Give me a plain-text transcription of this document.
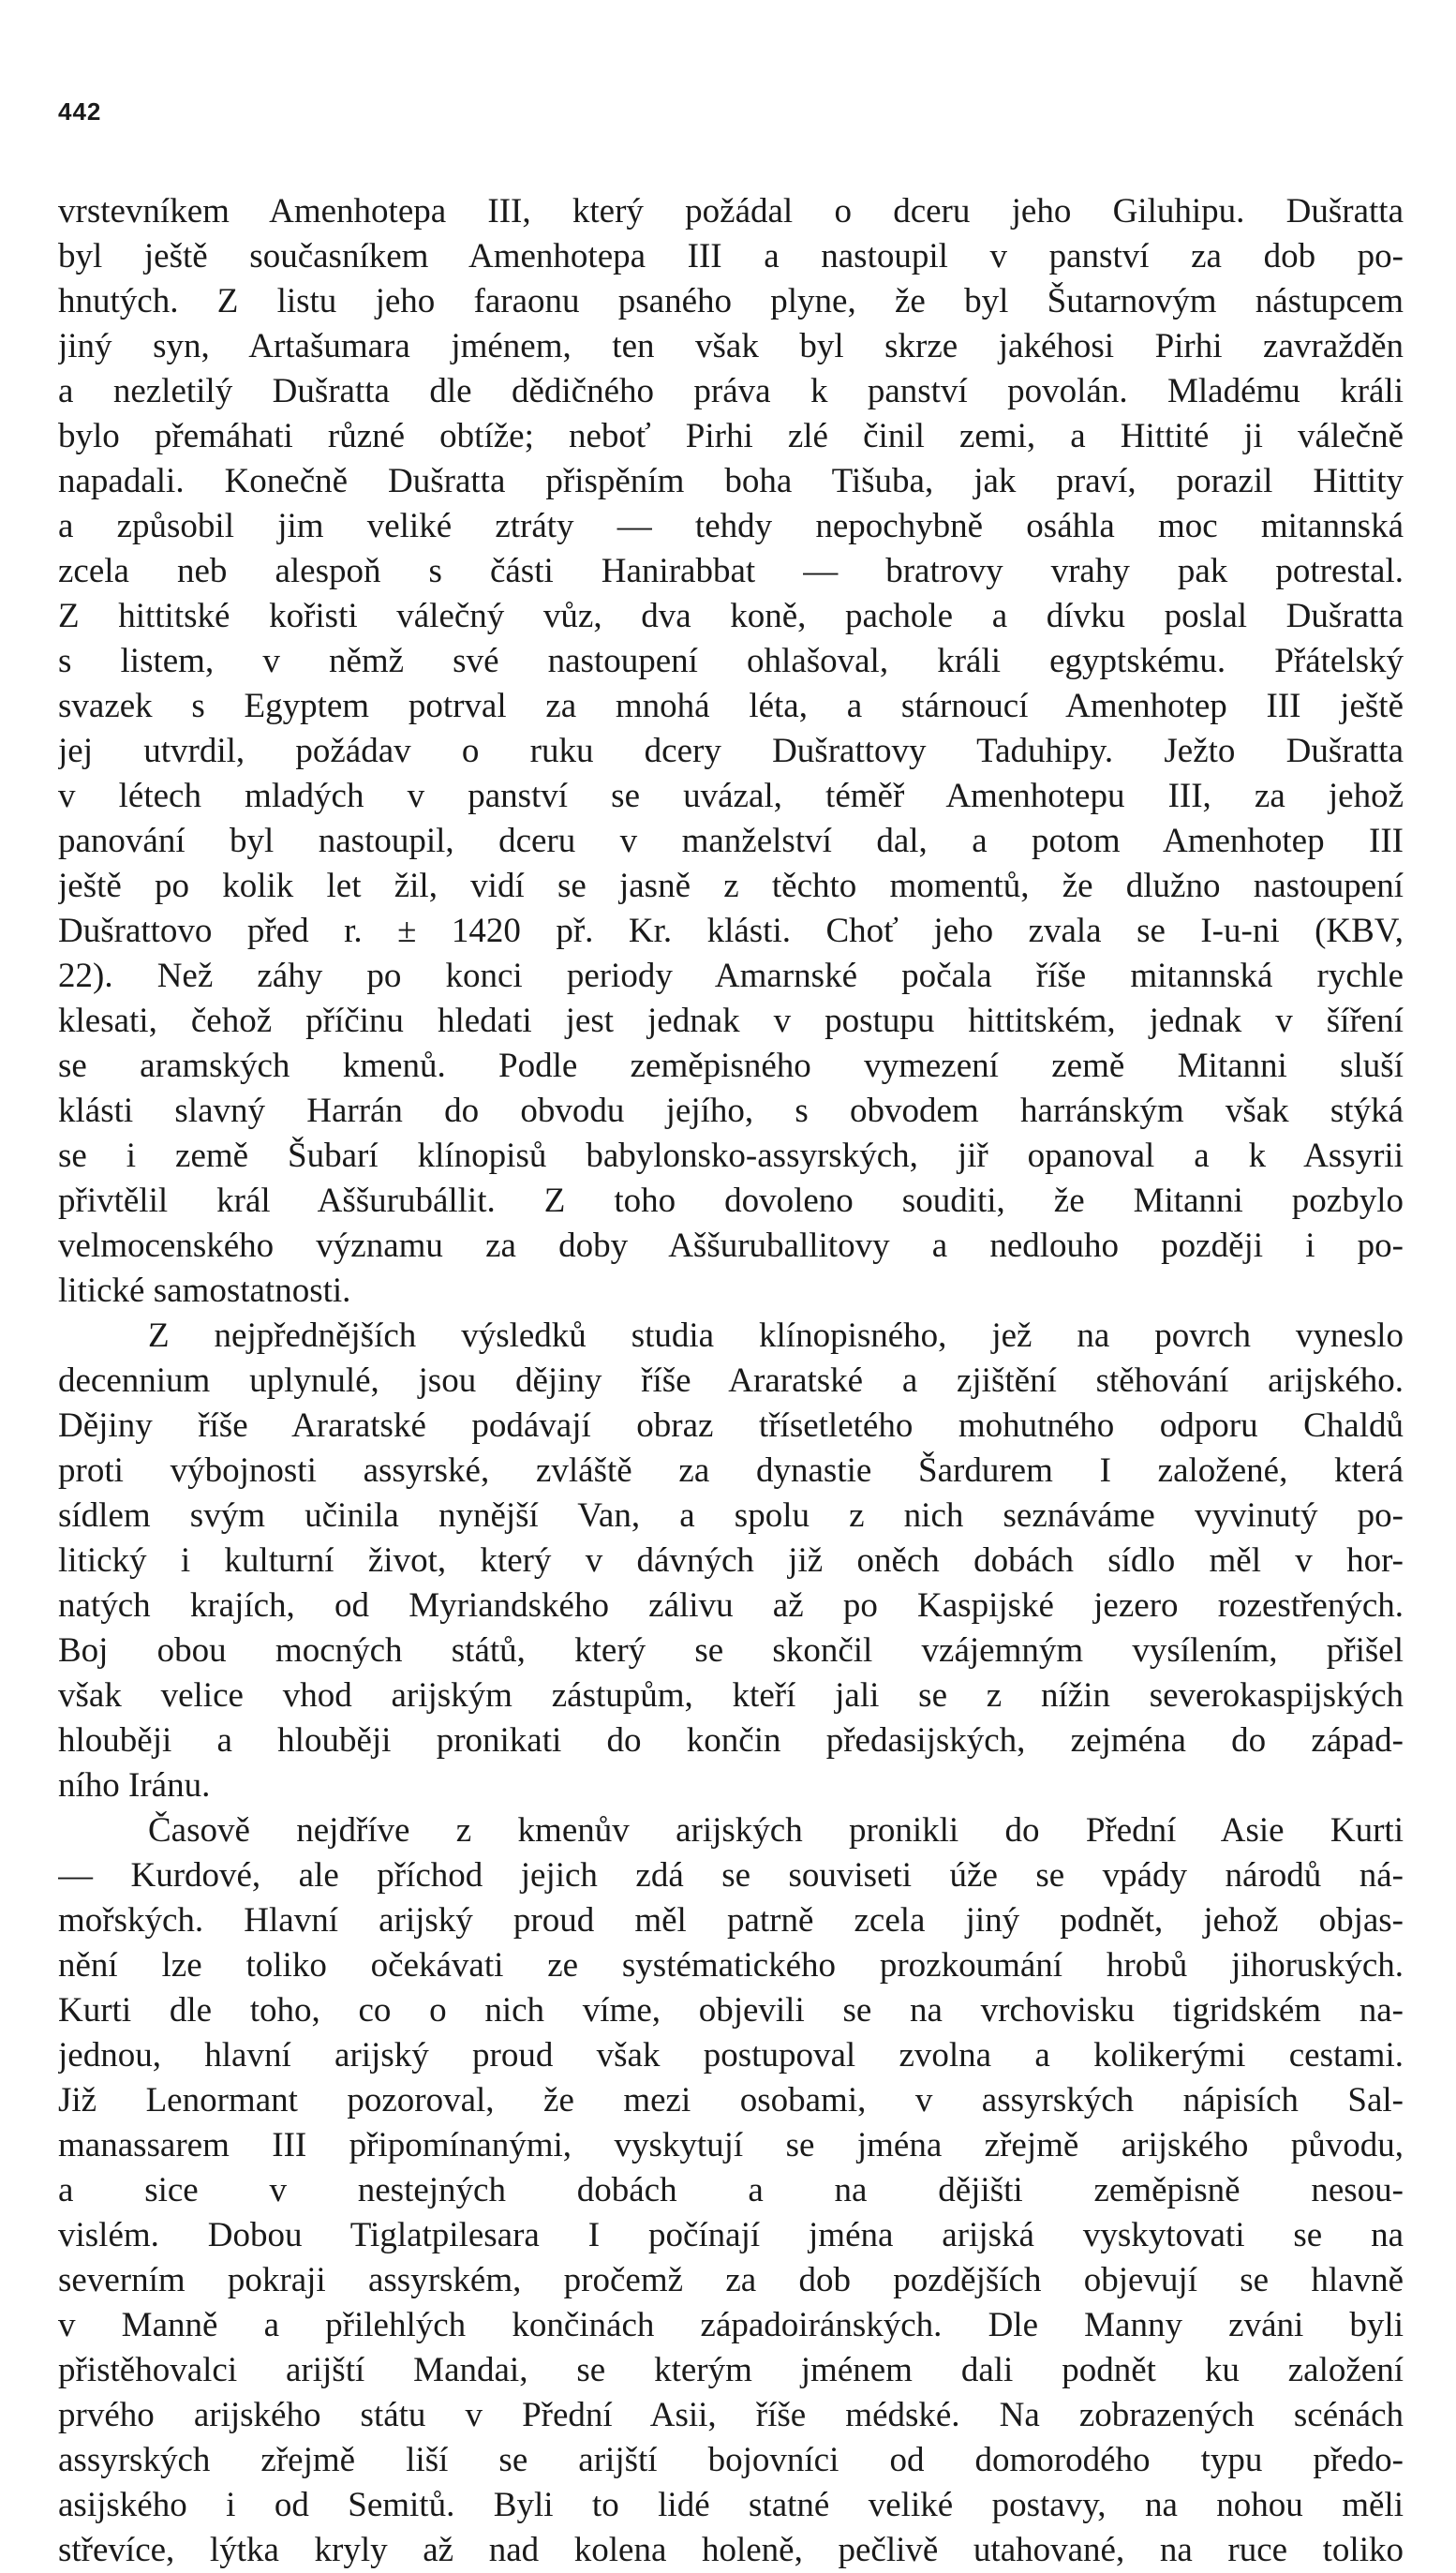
442
vrstevníkem Amenhotepa III, který požádal o dceru jeho Giluhipu. Dušratta
byl ještě současníkem Amenhotepa III a nastoupil v panství za dob po-
hnutých. Z listu jeho faraonu psaného plyne, že byl Šutarnovým nástupcem
jiný syn, Artašumara jménem, ten však byl skrze jakéhosi Pirhi zavražděn
a nezletilý Dušratta dle dědičného práva k panství povolán. Mladému králi
bylo přemáhati různé obtíže; neboť Pirhi zlé činil zemi, a Hittité ji válečně
napadali. Konečně Dušratta přispěním boha Tišuba, jak praví, porazil Hittity
a způsobil jim veliké ztráty — tehdy nepochybně osáhla moc mitannská
zcela neb alespoň s části Hanirabbat — bratrovy vrahy pak potrestal.
Z hittitské kořisti válečný vůz, dva koně, pachole a dívku poslal Dušratta
s listem, v němž své nastoupení ohlašoval, králi egyptskému. Přátelský
svazek s Egyptem potrval za mnohá léta, a stárnoucí Amenhotep III ještě
jej utvrdil, požádav o ruku dcery Dušrattovy Taduhipy. Ježto Dušratta
v létech mladých v panství se uvázal, téměř Amenhotepu III, za jehož
panování byl nastoupil, dceru v manželství dal, a potom Amenhotep III
ještě po kolik let žil, vidí se jasně z těchto momentů, že dlužno nastoupení
Dušrattovo před r. ± 1420 př. Kr. klásti. Choť jeho zvala se I-u-ni (KBV,
22). Než záhy po konci periody Amarnské počala říše mitannská rychle
klesati, čehož příčinu hledati jest jednak v postupu hittitském, jednak v šíření
se aramských kmenů. Podle zeměpisného vymezení země Mitanni sluší
klásti slavný Harrán do obvodu jejího, s obvodem harránským však stýká
se i země Šubarí klínopisů babylonsko-assyrských, jiř opanoval a k Assyrii
přivtělil král Aššurubállit. Z toho dovoleno souditi, že Mitanni pozbylo
velmocenského významu za doby Aššuruballitovy a nedlouho později i po-
litické samostatnosti.
Z nejpřednějších výsledků studia klínopisného, jež na povrch vyneslo
decennium uplynulé, jsou dějiny říše Araratské a zjištění stěhování arijského.
Dějiny říše Araratské podávají obraz třísetletého mohutného odporu Chaldů
proti výbojnosti assyrské, zvláště za dynastie Šardurem I založené, která
sídlem svým učinila nynější Van, a spolu z nich seznáváme vyvinutý po-
litický i kulturní život, který v dávných již oněch dobách sídlo měl v hor-
natých krajích, od Myriandského zálivu až po Kaspijské jezero rozestřených.
Boj obou mocných států, který se skončil vzájemným vysílením, přišel
však velice vhod arijským zástupům, kteří jali se z nížin severokaspijských
hlouběji a hlouběji pronikati do končin předasijských, zejména do západ-
ního Iránu.
Časově nejdříve z kmenův arijských pronikli do Přední Asie Kurti
— Kurdové, ale příchod jejich zdá se souviseti úže se vpády národů ná-
mořských. Hlavní arijský proud měl patrně zcela jiný podnět, jehož objas-
nění lze toliko očekávati ze systématického prozkoumání hrobů jihoruských.
Kurti dle toho, co o nich víme, objevili se na vrchovisku tigridském na-
jednou, hlavní arijský proud však postupoval zvolna a kolikerými cestami.
Již Lenormant pozoroval, že mezi osobami, v assyrských nápisích Sal-
manassarem III připomínanými, vyskytují se jména zřejmě arijského původu,
a sice v nestejných dobách a na dějišti zeměpisně nesou-
vislém. Dobou Tiglatpilesara I počínají jména arijská vyskytovati se na
severním pokraji assyrském, pročemž za dob pozdějších objevují se hlavně
v Manně a přilehlých končinách západoiránských. Dle Manny zváni byli
přistěhovalci arijští Mandai, se kterým jménem dali podnět ku založení
prvého arijského státu v Přední Asii, říše médské. Na zobrazených scénách
assyrských zřejmě liší se arijští bojovníci od domorodého typu předo-
asijského i od Semitů. Byli to lidé statné veliké postavy, na nohou měli
střevíce, lýtka kryly až nad kolena holeně, pečlivě utahované, na ruce toliko
